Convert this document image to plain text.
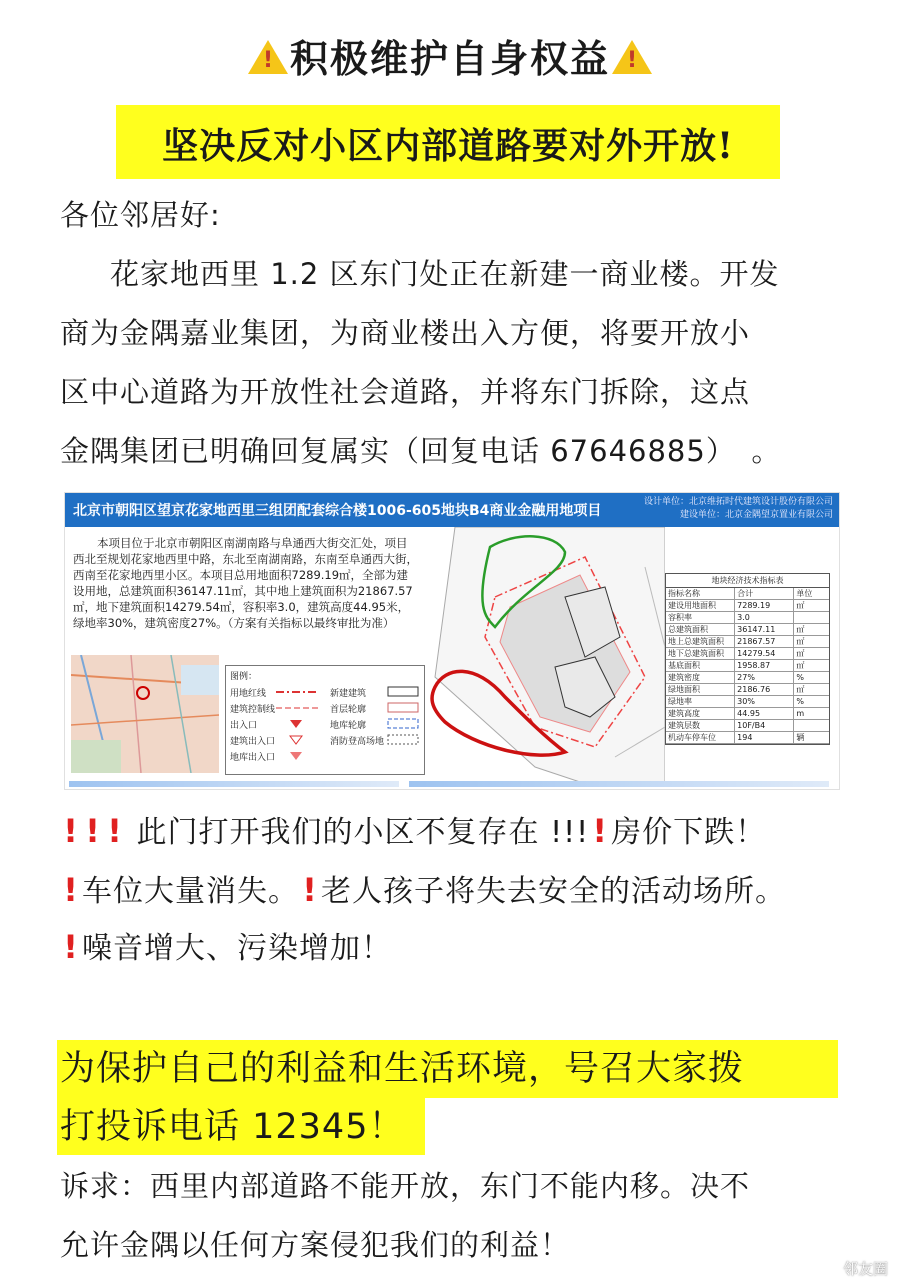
! 积极维护自身权益 !
坚决反对小区内部道路要对外开放!
各位邻居好:
花家地西里 1.2 区东门处正在新建一商业楼。开发
商为金隅嘉业集团，为商业楼出入方便，将要开放小
区中心道路为开放性社会道路，并将东门拆除，这点
金隅集团已明确回复属实（回复电话 67646885）　。
北京市朝阳区望京花家地西里三组团配套综合楼1006-605地块B4商业金融用地项目
设计单位：北京维拓时代建筑设计股份有限公司
建设单位：北京金隅望京置业有限公司
本项目位于北京市朝阳区南湖南路与阜通西大街交汇处，项目西北至规划花家地西里中路，东北至南湖南路，东南至阜通西大街，西南至花家地西里小区。本项目总用地面积7289.19㎡，全部为建设用地，总建筑面积36147.11㎡，其中地上建筑面积为21867.57㎡，地下建筑面积14279.54㎡，容积率3.0，建筑高度44.95米，绿地率30%，建筑密度27%。（方案有关指标以最终审批为准）
图例：
用地红线
建筑控制线
出入口
建筑出入口
地库出入口
新建建筑
首层轮廓
地库轮廓
消防登高场地
地块经济技术指标表
指标名称	合计	单位
建设用地面积	7289.19	㎡
容积率	3.0
总建筑面积	36147.11	㎡
地上总建筑面积	21867.57	㎡
地下总建筑面积	14279.54	㎡
基底面积	1958.87	㎡
建筑密度	27%	%
绿地面积	2186.76	㎡
绿地率	30%	%
建筑高度	44.95	m
建筑层数	10F/B4
机动车停车位	194	辆
! ! ! 此门打开我们的小区不复存在 !!! ! 房价下跌！
! 车位大量消失。 ! 老人孩子将失去安全的活动场所。
! 噪音增大、污染增加！
为保护自己的利益和生活环境，号召大家拨
打投诉电话 12345！
诉求：西里内部道路不能开放，东门不能内移。决不
允许金隅以任何方案侵犯我们的利益！
邻友圈
